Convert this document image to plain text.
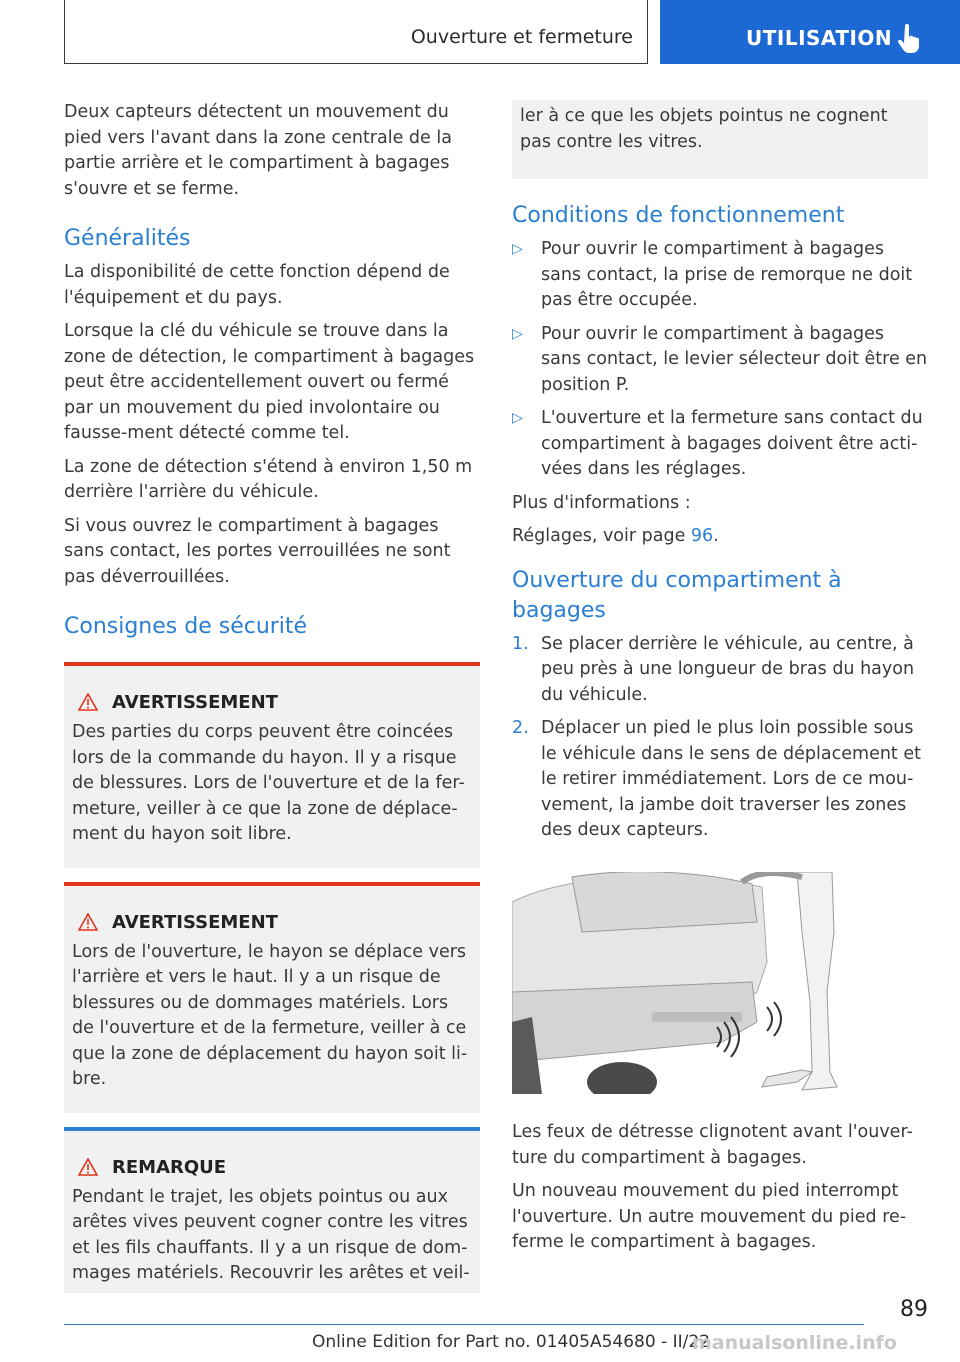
Ouverture et fermeture	UTILISATION

Deux capteurs détectent un mouvement du pied vers l'avant dans la zone centrale de la partie arrière et le compartiment à bagages s'ouvre et se ferme.

Généralités

La disponibilité de cette fonction dépend de l'équipement et du pays.

Lorsque la clé du véhicule se trouve dans la zone de détection, le compartiment à bagages peut être accidentellement ouvert ou fermé par un mouvement du pied involontaire ou fausse-ment détecté comme tel.

La zone de détection s'étend à environ 1,50 m derrière l'arrière du véhicule.

Si vous ouvrez le compartiment à bagages sans contact, les portes verrouillées ne sont pas déverrouillées.

Consignes de sécurité
AVERTISSEMENT
Des parties du corps peuvent être coincées lors de la commande du hayon. Il y a risque de blessures. Lors de l'ouverture et de la fer-meture, veiller à ce que la zone de déplace-ment du hayon soit libre.
AVERTISSEMENT
Lors de l'ouverture, le hayon se déplace vers l'arrière et vers le haut. Il y a un risque de blessures ou de dommages matériels. Lors de l'ouverture et de la fermeture, veiller à ce que la zone de déplacement du hayon soit li-bre.
REMARQUE
Pendant le trajet, les objets pointus ou aux arêtes vives peuvent cogner contre les vitres et les fils chauffants. Il y a un risque de dom-mages matériels. Recouvrir les arêtes et veil-
ler à ce que les objets pointus ne cognent pas contre les vitres.
Conditions de fonctionnement
▷ Pour ouvrir le compartiment à bagages sans contact, la prise de remorque ne doit pas être occupée.
▷ Pour ouvrir le compartiment à bagages sans contact, le levier sélecteur doit être en position P.
▷ L'ouverture et la fermeture sans contact du compartiment à bagages doivent être acti-vées dans les réglages.

Plus d'informations :

Réglages, voir page 96.

Ouverture du compartiment à bagages
1. Se placer derrière le véhicule, au centre, à peu près à une longueur de bras du hayon du véhicule.
2. Déplacer un pied le plus loin possible sous le véhicule dans le sens de déplacement et le retirer immédiatement. Lors de ce mou-vement, la jambe doit traverser les zones des deux capteurs.

Les feux de détresse clignotent avant l'ouver-ture du compartiment à bagages.

Un nouveau mouvement du pied interrompt l'ouverture. Un autre mouvement du pied re-ferme le compartiment à bagages.

89
Online Edition for Part no. 01405A54680 - II/22
manualsonline.info
